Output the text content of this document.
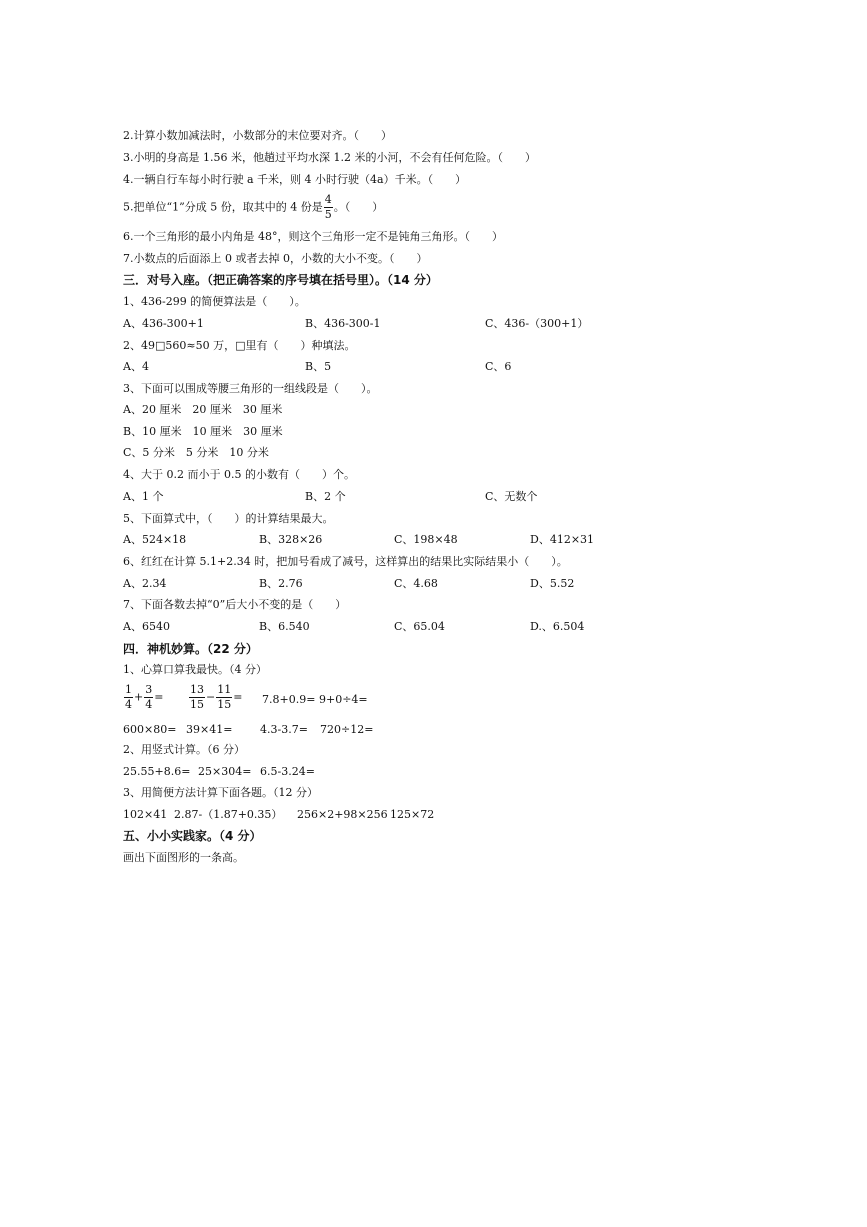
2.计算小数加减法时，小数部分的末位要对齐。（　　）
3.小明的身高是 1.56 米，他趟过平均水深 1.2 米的小河，不会有任何危险。（　　）
4.一辆自行车每小时行驶 a 千米，则 4 小时行驶（4a）千米。（　　）
5.把单位“1”分成 5 份，取其中的 4 份是 $\frac{4}{5}$ 。（　　）
6.一个三角形的最小内角是 48°，则这个三角形一定不是钝角三角形。（　　）
7.小数点的后面添上 0 或者去掉 0，小数的大小不变。（　　）
三．对号入座。（把正确答案的序号填在括号里）。（14 分）
1、436-299 的简便算法是（　　）。
A、436-300+1	B、436-300-1	C、436-（300+1）
2、49□560≈50 万，□里有（　　）种填法。
A、4	B、5	C、6
3、下面可以围成等腰三角形的一组线段是（　　）。
A、20 厘米　20 厘米　30 厘米
B、10 厘米　10 厘米　30 厘米
C、5 分米　5 分米　10 分米
4、大于 0.2 而小于 0.5 的小数有（　　）个。
A、1 个	B、2 个	C、无数个
5、下面算式中，（　　）的计算结果最大。
A、524×18	B、328×26	C、198×48	D、412×31
6、红红在计算 5.1+2.34 时，把加号看成了减号，这样算出的结果比实际结果小（　　）。
A、2.34	B、2.76	C、4.68	D、5.52
7、下面各数去掉“0”后大小不变的是（　　）
A、6540	B、6.540	C、65.04	D.、6.504
四．神机妙算。（22 分）
1、心算口算我最快。（4 分）
$\frac{1}{4} + \frac{3}{4} = \frac{13}{15} - \frac{11}{15} = 7.8+0.9= 9+0\div 4=$
600×80= 39×41=	4.3-3.7= 720÷12=
2、用竖式计算。（6 分）
25.55+8.6= 25×304= 6.5-3.24=
3、用简便方法计算下面各题。（12 分）
102×41 2.87-（1.87+0.35） 256×2+98×256 125×72
五、小小实践家。（4 分）
画出下面图形的一条高。
